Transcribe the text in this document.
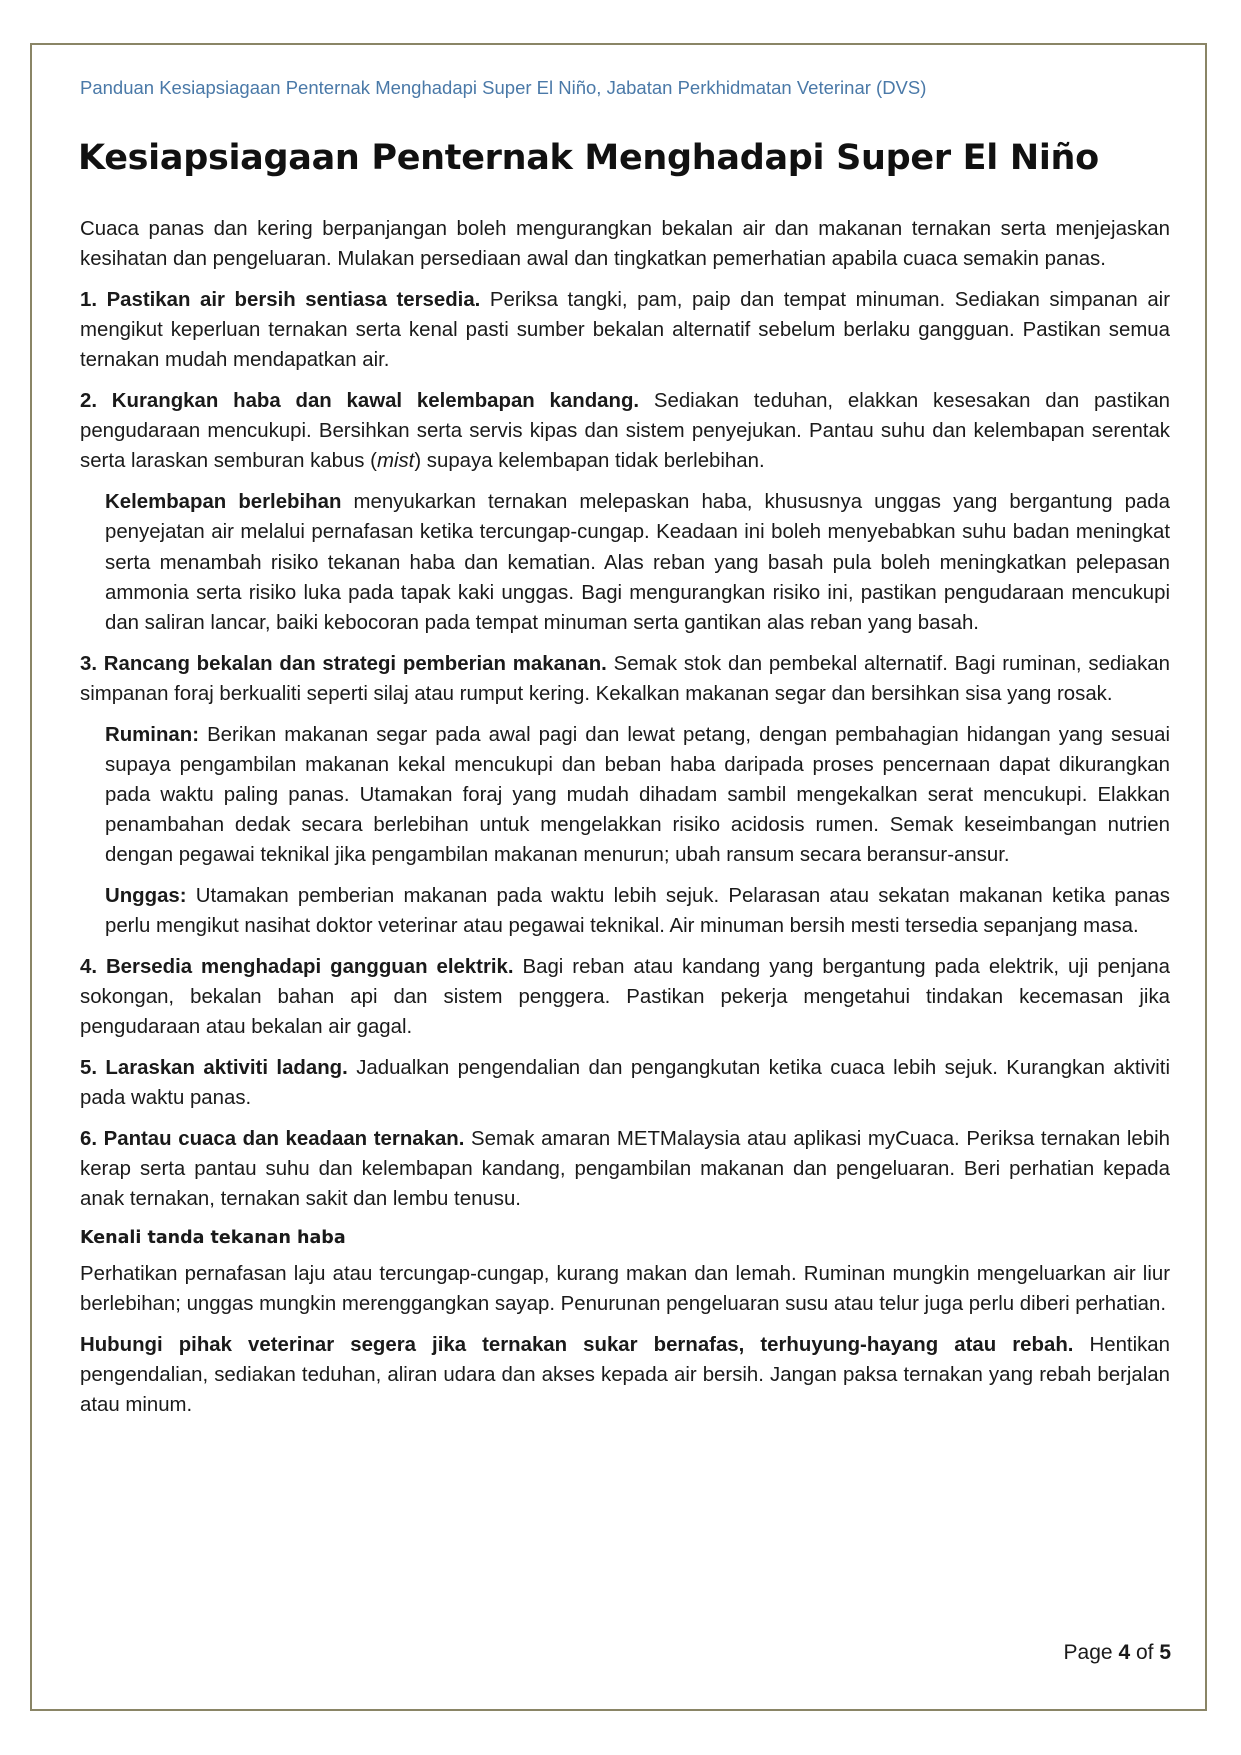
Panduan Kesiapsiagaan Penternak Menghadapi Super El Niño, Jabatan Perkhidmatan Veterinar (DVS)
Kesiapsiagaan Penternak Menghadapi Super El Niño

Cuaca panas dan kering berpanjangan boleh mengurangkan bekalan air dan makanan ternakan serta menjejaskan kesihatan dan pengeluaran. Mulakan persediaan awal dan tingkatkan pemerhatian apabila cuaca semakin panas.

1. Pastikan air bersih sentiasa tersedia. Periksa tangki, pam, paip dan tempat minuman. Sediakan simpanan air mengikut keperluan ternakan serta kenal pasti sumber bekalan alternatif sebelum berlaku gangguan. Pastikan semua ternakan mudah mendapatkan air.

2. Kurangkan haba dan kawal kelembapan kandang. Sediakan teduhan, elakkan kesesakan dan pastikan pengudaraan mencukupi. Bersihkan serta servis kipas dan sistem penyejukan. Pantau suhu dan kelembapan serentak serta laraskan semburan kabus (mist) supaya kelembapan tidak berlebihan.

Kelembapan berlebihan menyukarkan ternakan melepaskan haba, khususnya unggas yang bergantung pada penyejatan air melalui pernafasan ketika tercungap-cungap. Keadaan ini boleh menyebabkan suhu badan meningkat serta menambah risiko tekanan haba dan kematian. Alas reban yang basah pula boleh meningkatkan pelepasan ammonia serta risiko luka pada tapak kaki unggas. Bagi mengurangkan risiko ini, pastikan pengudaraan mencukupi dan saliran lancar, baiki kebocoran pada tempat minuman serta gantikan alas reban yang basah.

3. Rancang bekalan dan strategi pemberian makanan. Semak stok dan pembekal alternatif. Bagi ruminan, sediakan simpanan foraj berkualiti seperti silaj atau rumput kering. Kekalkan makanan segar dan bersihkan sisa yang rosak.

Ruminan: Berikan makanan segar pada awal pagi dan lewat petang, dengan pembahagian hidangan yang sesuai supaya pengambilan makanan kekal mencukupi dan beban haba daripada proses pencernaan dapat dikurangkan pada waktu paling panas. Utamakan foraj yang mudah dihadam sambil mengekalkan serat mencukupi. Elakkan penambahan dedak secara berlebihan untuk mengelakkan risiko acidosis rumen. Semak keseimbangan nutrien dengan pegawai teknikal jika pengambilan makanan menurun; ubah ransum secara beransur-ansur.

Unggas: Utamakan pemberian makanan pada waktu lebih sejuk. Pelarasan atau sekatan makanan ketika panas perlu mengikut nasihat doktor veterinar atau pegawai teknikal. Air minuman bersih mesti tersedia sepanjang masa.

4. Bersedia menghadapi gangguan elektrik. Bagi reban atau kandang yang bergantung pada elektrik, uji penjana sokongan, bekalan bahan api dan sistem penggera. Pastikan pekerja mengetahui tindakan kecemasan jika pengudaraan atau bekalan air gagal.

5. Laraskan aktiviti ladang. Jadualkan pengendalian dan pengangkutan ketika cuaca lebih sejuk. Kurangkan aktiviti pada waktu panas.

6. Pantau cuaca dan keadaan ternakan. Semak amaran METMalaysia atau aplikasi myCuaca. Periksa ternakan lebih kerap serta pantau suhu dan kelembapan kandang, pengambilan makanan dan pengeluaran. Beri perhatian kepada anak ternakan, ternakan sakit dan lembu tenusu.

Kenali tanda tekanan haba

Perhatikan pernafasan laju atau tercungap-cungap, kurang makan dan lemah. Ruminan mungkin mengeluarkan air liur berlebihan; unggas mungkin merenggangkan sayap. Penurunan pengeluaran susu atau telur juga perlu diberi perhatian.

Hubungi pihak veterinar segera jika ternakan sukar bernafas, terhuyung-hayang atau rebah. Hentikan pengendalian, sediakan teduhan, aliran udara dan akses kepada air bersih. Jangan paksa ternakan yang rebah berjalan atau minum.

Page 4 of 5
